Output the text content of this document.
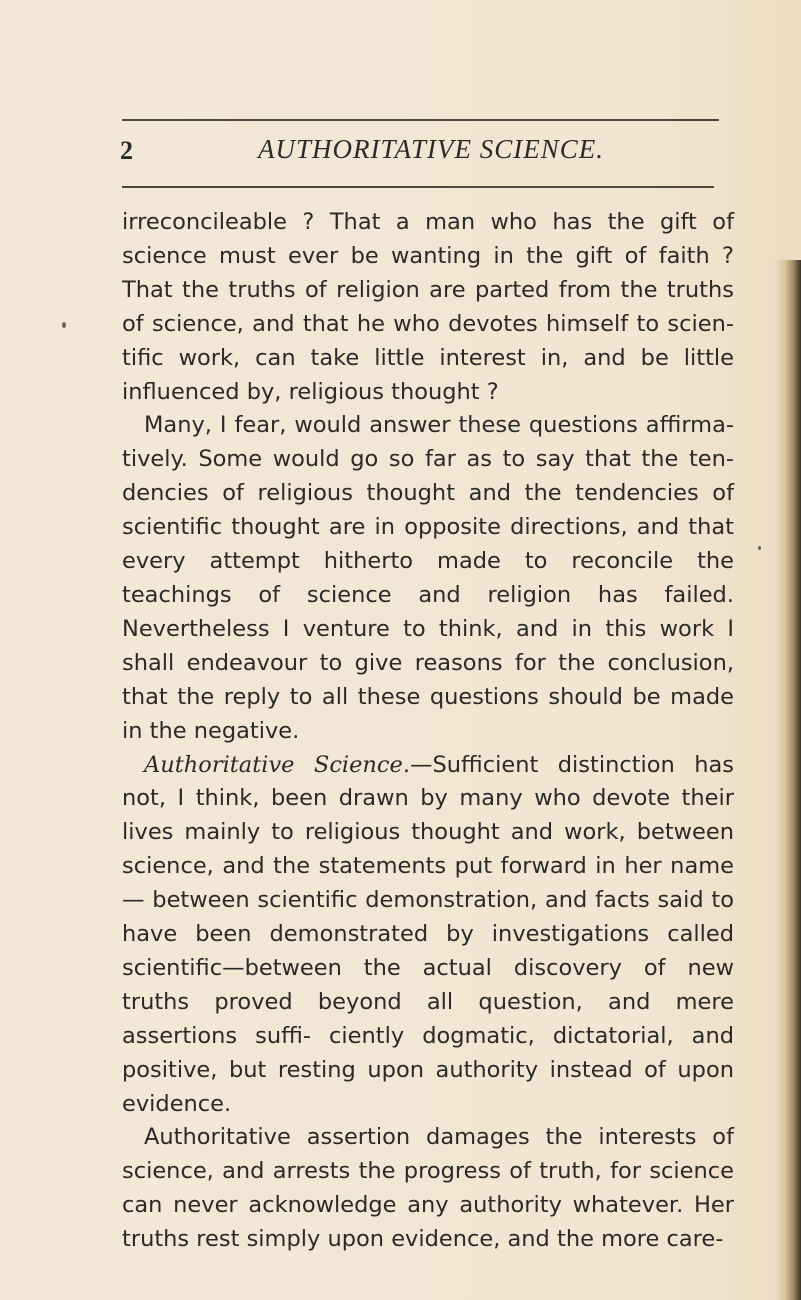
2	AUTHORITATIVE SCIENCE.

irreconcileable ? That a man who has the gift of science must ever be wanting in the gift of faith ? That the truths of religion are parted from the truths of science, and that he who devotes himself to scien- tific work, can take little interest in, and be little influenced by, religious thought ?

Many, I fear, would answer these questions affirma- tively. Some would go so far as to say that the ten- dencies of religious thought and the tendencies of scientific thought are in opposite directions, and that every attempt hitherto made to reconcile the teachings of science and religion has failed. Nevertheless I venture to think, and in this work I shall endeavour to give reasons for the conclusion, that the reply to all these questions should be made in the negative.

Authoritative Science.—Sufficient distinction has not, I think, been drawn by many who devote their lives mainly to religious thought and work, between science, and the statements put forward in her name— between scientific demonstration, and facts said to have been demonstrated by investigations called scientific—between the actual discovery of new truths proved beyond all question, and mere assertions suffi- ciently dogmatic, dictatorial, and positive, but resting upon authority instead of upon evidence.

Authoritative assertion damages the interests of science, and arrests the progress of truth, for science can never acknowledge any authority whatever. Her truths rest simply upon evidence, and the more care-
